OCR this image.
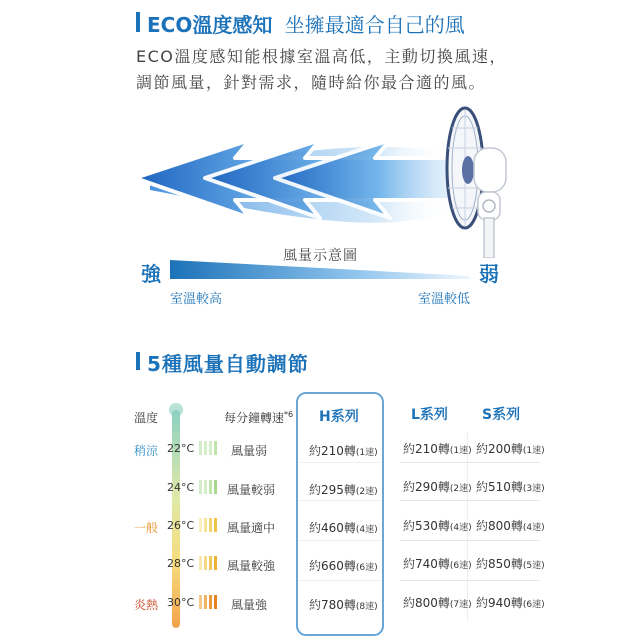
ECO溫度感知 坐擁最適合自己的風
ECO溫度感知能根據室溫高低，主動切換風速，
調節風量，針對需求，隨時給你最合適的風。
風量示意圖
強	弱
室溫較高	室溫較低
5種風量自動調節
溫度	每分鐘轉速$^{*6}$ H系列	L系列 S系列
稍涼 22°C	風量弱	約210轉(1速) 約210轉(1速) 約200轉(1速)
24°C	風量較弱	約295轉(2速) 約290轉(2速) 約510轉(3速)
一般 26°C	風量適中	約460轉(4速) 約530轉(4速) 約800轉(4速)
28°C	風量較強	約660轉(6速) 約740轉(6速) 約850轉(5速)
炎熱 30°C	風量強	約780轉(8速) 約800轉(7速) 約940轉(6速)
